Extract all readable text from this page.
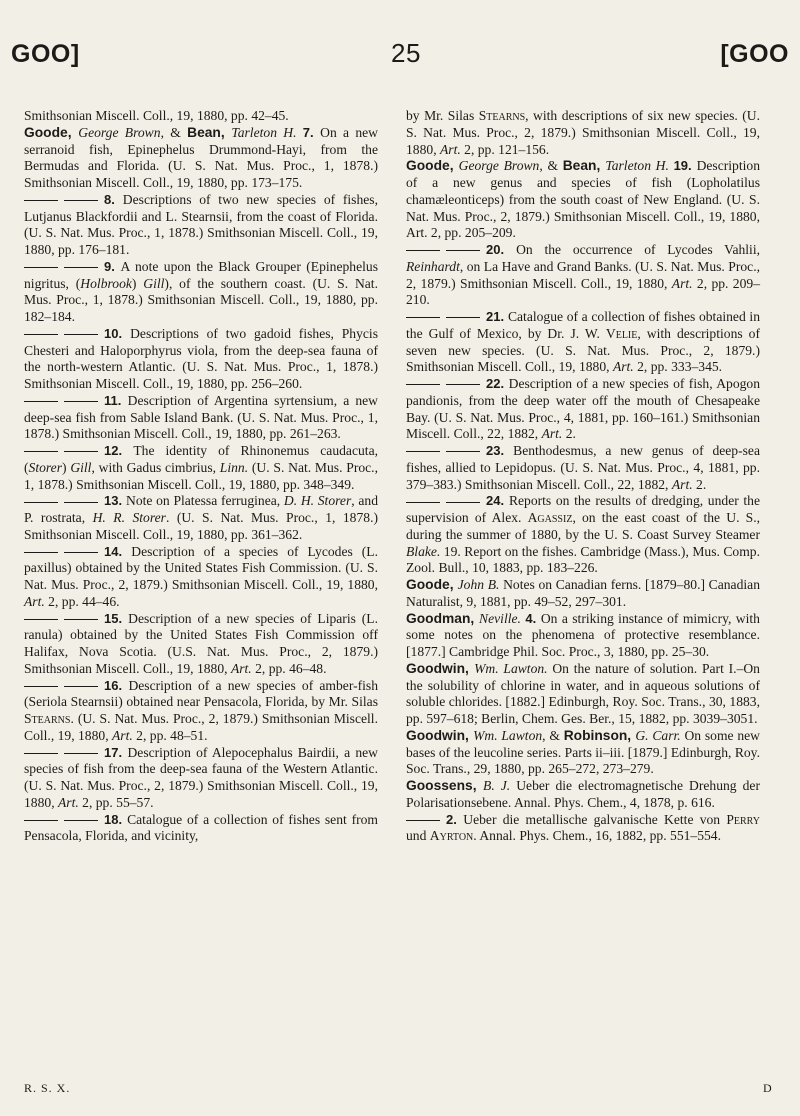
GOO]	25	[GOO

Smithsonian Miscell. Coll., 19, 1880, pp. 42–45.

Goode, George Brown, & Bean, Tarleton H. 7. On a new serranoid fish, Epinephelus Drummond-Hayi, from the Bermudas and Florida. (U. S. Nat. Mus. Proc., 1, 1878.) Smithsonian Miscell. Coll., 19, 1880, pp. 173–175.

8. Descriptions of two new species of fishes, Lutjanus Blackfordii and L. Stearnsii, from the coast of Florida. (U. S. Nat. Mus. Proc., 1, 1878.) Smithsonian Miscell. Coll., 19, 1880, pp. 176–181.

9. A note upon the Black Grouper (Epinephelus nigritus, (Holbrook) Gill), of the southern coast. (U. S. Nat. Mus. Proc., 1, 1878.) Smithsonian Miscell. Coll., 19, 1880, pp. 182–184.

10. Descriptions of two gadoid fishes, Phycis Chesteri and Haloporphyrus viola, from the deep-sea fauna of the north-western Atlantic. (U. S. Nat. Mus. Proc., 1, 1878.) Smithsonian Miscell. Coll., 19, 1880, pp. 256–260.

11. Description of Argentina syrtensium, a new deep-sea fish from Sable Island Bank. (U. S. Nat. Mus. Proc., 1, 1878.) Smithsonian Miscell. Coll., 19, 1880, pp. 261–263.

12. The identity of Rhinonemus caudacuta, (Storer) Gill, with Gadus cimbrius, Linn. (U. S. Nat. Mus. Proc., 1, 1878.) Smithsonian Miscell. Coll., 19, 1880, pp. 348–349.

13. Note on Platessa ferruginea, D. H. Storer, and P. rostrata, H. R. Storer. (U. S. Nat. Mus. Proc., 1, 1878.) Smithsonian Miscell. Coll., 19, 1880, pp. 361–362.

14. Description of a species of Lycodes (L. paxillus) obtained by the United States Fish Commission. (U. S. Nat. Mus. Proc., 2, 1879.) Smithsonian Miscell. Coll., 19, 1880, Art. 2, pp. 44–46.

15. Description of a new species of Liparis (L. ranula) obtained by the United States Fish Commission off Halifax, Nova Scotia. (U.S. Nat. Mus. Proc., 2, 1879.) Smithsonian Miscell. Coll., 19, 1880, Art. 2, pp. 46–48.

16. Description of a new species of amber-fish (Seriola Stearnsii) obtained near Pensacola, Florida, by Mr. Silas Stearns. (U. S. Nat. Mus. Proc., 2, 1879.) Smithsonian Miscell. Coll., 19, 1880, Art. 2, pp. 48–51.

17. Description of Alepocephalus Bairdii, a new species of fish from the deep-sea fauna of the Western Atlantic. (U. S. Nat. Mus. Proc., 2, 1879.) Smithsonian Miscell. Coll., 19, 1880, Art. 2, pp. 55–57.

18. Catalogue of a collection of fishes sent from Pensacola, Florida, and vicinity,

by Mr. Silas Stearns, with descriptions of six new species. (U. S. Nat. Mus. Proc., 2, 1879.) Smithsonian Miscell. Coll., 19, 1880, Art. 2, pp. 121–156.

Goode, George Brown, & Bean, Tarleton H. 19. Description of a new genus and species of fish (Lopholatilus chamæleonticeps) from the south coast of New England. (U. S. Nat. Mus. Proc., 2, 1879.) Smithsonian Miscell. Coll., 19, 1880, Art. 2, pp. 205–209.

20. On the occurrence of Lycodes Vahlii, Reinhardt, on La Have and Grand Banks. (U. S. Nat. Mus. Proc., 2, 1879.) Smithsonian Miscell. Coll., 19, 1880, Art. 2, pp. 209–210.

21. Catalogue of a collection of fishes obtained in the Gulf of Mexico, by Dr. J. W. Velie, with descriptions of seven new species. (U. S. Nat. Mus. Proc., 2, 1879.) Smithsonian Miscell. Coll., 19, 1880, Art. 2, pp. 333–345.

22. Description of a new species of fish, Apogon pandionis, from the deep water off the mouth of Chesapeake Bay. (U. S. Nat. Mus. Proc., 4, 1881, pp. 160–161.) Smithsonian Miscell. Coll., 22, 1882, Art. 2.

23. Benthodesmus, a new genus of deep-sea fishes, allied to Lepidopus. (U. S. Nat. Mus. Proc., 4, 1881, pp. 379–383.) Smithsonian Miscell. Coll., 22, 1882, Art. 2.

24. Reports on the results of dredging, under the supervision of Alex. Agassiz, on the east coast of the U. S., during the summer of 1880, by the U. S. Coast Survey Steamer Blake. 19. Report on the fishes. Cambridge (Mass.), Mus. Comp. Zool. Bull., 10, 1883, pp. 183–226.

Goode, John B. Notes on Canadian ferns. [1879–80.] Canadian Naturalist, 9, 1881, pp. 49–52, 297–301.

Goodman, Neville. 4. On a striking instance of mimicry, with some notes on the phenomena of protective resemblance. [1877.] Cambridge Phil. Soc. Proc., 3, 1880, pp. 25–30.

Goodwin, Wm. Lawton. On the nature of solution. Part I.–On the solubility of chlorine in water, and in aqueous solutions of soluble chlorides. [1882.] Edinburgh, Roy. Soc. Trans., 30, 1883, pp. 597–618; Berlin, Chem. Ges. Ber., 15, 1882, pp. 3039–3051.

Goodwin, Wm. Lawton, & Robinson, G. Carr. On some new bases of the leucoline series. Parts ii–iii. [1879.] Edinburgh, Roy. Soc. Trans., 29, 1880, pp. 265–272, 273–279.

Goossens, B. J. Ueber die electromagnetische Drehung der Polarisationsebene. Annal. Phys. Chem., 4, 1878, p. 616.

2. Ueber die metallische galvanische Kette von Perry und Ayrton. Annal. Phys. Chem., 16, 1882, pp. 551–554.

R. S. X.	D
